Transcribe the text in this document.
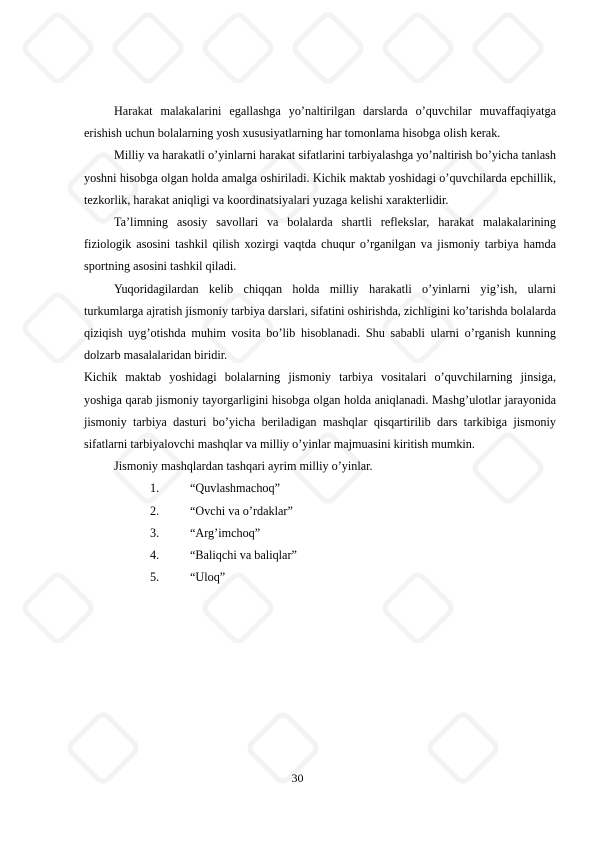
Harakat malakalarini egallashga yo’naltirilgan darslarda o’quvchilar muvaffaqiyatga erishish uchun bolalarning yosh xususiyatlarning har tomonlama hisobga olish kerak.

Milliy va harakatli o’yinlarni harakat sifatlarini tarbiyalashga yo’naltirish bo’yicha tanlash yoshni hisobga olgan holda amalga oshiriladi. Kichik maktab yoshidagi o’quvchilarda epchillik, tezkorlik, harakat aniqligi va koordinatsiyalari yuzaga kelishi xarakterlidir.

Ta’limning asosiy savollari va bolalarda shartli reflekslar, harakat malakalarining fiziologik asosini tashkil qilish xozirgi vaqtda chuqur o’rganilgan va jismoniy tarbiya hamda sportning asosini tashkil qiladi.

Yuqoridagilardan kelib chiqqan holda milliy harakatli o’yinlarni yig’ish, ularni turkumlarga ajratish jismoniy tarbiya darslari, sifatini oshirishda, zichligini ko’tarishda bolalarda qiziqish uyg’otishda muhim vosita bo’lib hisoblanadi. Shu sababli ularni o’rganish kunning dolzarb masalalaridan biridir.

Kichik maktab yoshidagi bolalarning jismoniy tarbiya vositalari o’quvchilarning jinsiga, yoshiga qarab jismoniy tayorgarligini hisobga olgan holda aniqlanadi. Mashg’ulotlar jarayonida jismoniy tarbiya dasturi bo’yicha beriladigan mashqlar qisqartirilib dars tarkibiga jismoniy sifatlarni tarbiyalovchi mashqlar va milliy o’yinlar majmuasini kiritish mumkin.

Jismoniy mashqlardan tashqari ayrim milliy o’yinlar.

1.	“Quvlashmachoq”
2.	“Ovchi va o’rdaklar”
3.	“Arg’imchoq”
4.	“Baliqchi va baliqlar”
5.	“Uloq”
30
